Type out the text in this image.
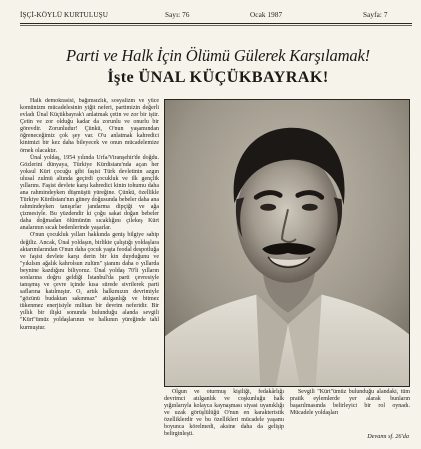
İŞÇİ-KÖYLÜ KURTULUŞU	Sayı: 76	Ocak 1987	Sayfa: 7
Parti ve Halk İçin Ölümü Gülerek Karşılamak!
İşte ÜNAL KÜÇÜKBAYRAK!

Halk demokrasisi, bağımsızlık, sosyalizm ve yüce komünizm mücadelesinin yiğit neferi, partimizin değerli evladı Ünal Küçükbayrak'ı anlatmak çetin ve zor bir iştir. Çetin ve zor olduğu kadar da zorunlu ve onurlu bir görevdir. Zorunludur! Çünkü, O'nun yaşamından öğreneceğimiz çok şey var. O'u anlatmak kahredici kinimizi bir kez daha bileyecek ve onun mücadelemize örnek olacaktır.

Ünal yoldaş, 1954 yılında Urfa/Viranşehir'de doğdu. Gözlerini dünyaya, Türkiye Kürdistanı'nda açan her yoksul Kürt çocuğu gibi faşist Türk devletinin azgın ulusal zulmü altında geçirdi çocukluk ve ilk gençlik yıllarını. Faşist devlete karşı kahredici kinin tohumu daha ana rahmindeyken düşmüştü yüreğine. Çünkü, özellikle Türkiye Kürdistanı'nın güney doğusunda bebeler daha ana rahmindeyken tanışırlar jandarma dipçiği ve ağa çizmesiyle. Bu yüzdendir ki çoğu sakat doğan bebeler daha doğmadan ölümünün sıcaklığını çilekeş Kürt analarının sıcak bedenlerinde yaşarlar.

O'nun çocukluk yılları hakkında geniş bilgiye sahip değiliz. Ancak, Ünal yoldaşın, birlikte çalıştığı yoldaşlara aktarımlarından O'nun daha çocuk yaşta feodal despotluğa ve faşist devlete karşı derin bir kin duyduğunu ve "yıkılsın ağalık kahrolsun zulüm" şianını daha o yıllarda beynine kazdığını biliyoruz. Ünal yoldaş 70'li yılların sonlarına doğru geldiği İstanbul'da parti çevresiyle tanışmış ve çevre içinde kısa sürede sivrilerek parti saflarına katılmıştır. O, artık halkımızın devrimiyle "gözünü budaktan sakınmaz" atılganlığı ve bitmez tükenmez enerjisiyle militan bir devrim neferidir. Bir yıllık bir ilişki sonunda bulunduğu alanda sevgili "Kürt"ümüz yoldaşlarının ve halkının yüreğinde tahl kurmuştur.

Olgun ve oturmuş kişiliği, fedakârlığı devrimci atılganlık ve coşkunluğu halk yığınlarıyla kolayca kaynaşması siyasi uyanıklığı ve uzak görüşlülüğü O'nun en karakteristik özelliklerdir ve bu özellikleri mücadele yaşamı boyunca körelmedi, aksine daha da gelişip belirginleşti.

Sevgili "Kürt"ümüz bulunduğu alandaki, tüm pratik eylemlerde yer alarak bunların başarılmasında belirleyici bir rol oynadı. Mücadele yoldaşları

Devamı sf. 26'da
